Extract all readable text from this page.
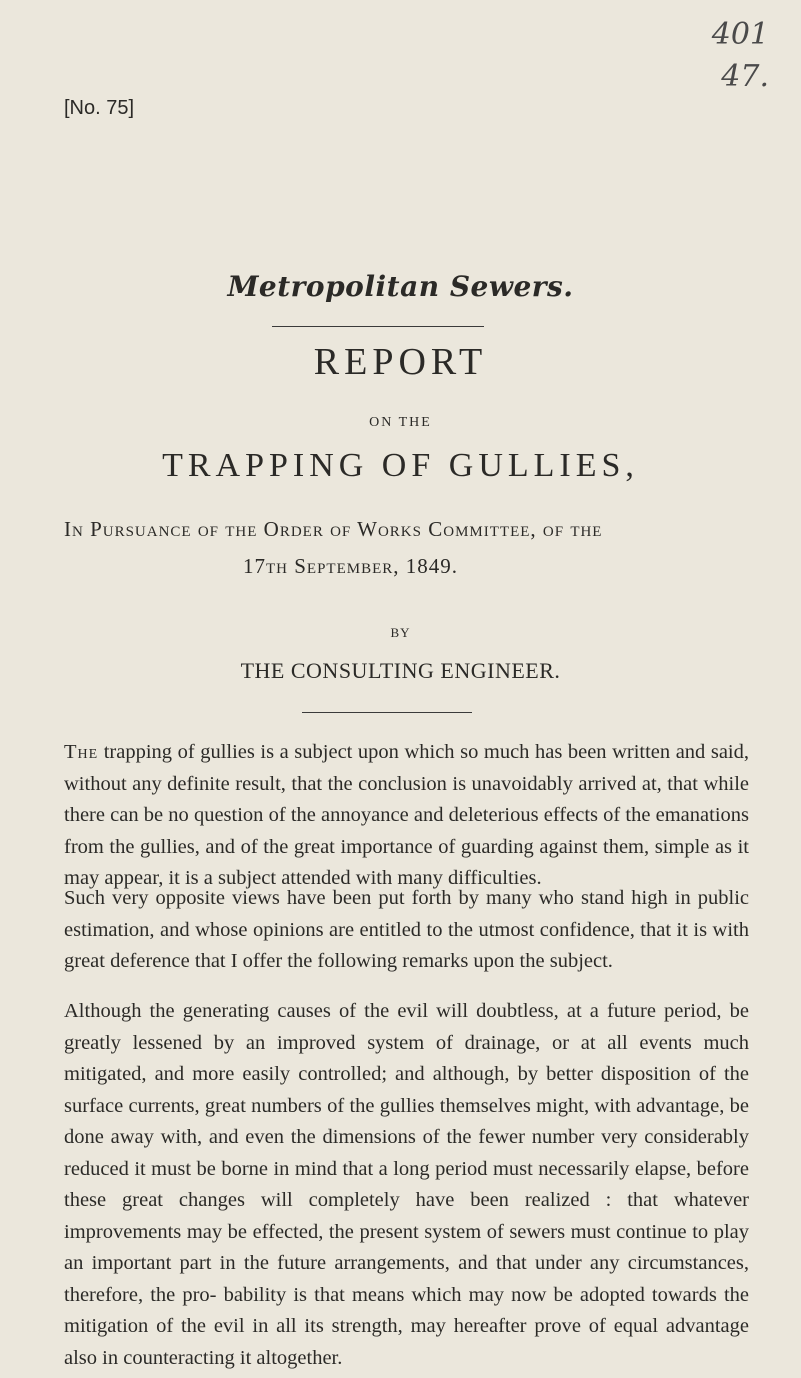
401
47.
[No. 75]
Metropolitan Sewers.
REPORT
ON THE
TRAPPING OF GULLIES,
In Pursuance of the Order of Works Committee, of the
17th September, 1849.
BY
THE CONSULTING ENGINEER.

The trapping of gullies is a subject upon which so much has been written and said, without any definite result, that the conclusion is unavoidably arrived at, that while there can be no question of the annoyance and deleterious effects of the emanations from the gullies, and of the great importance of guarding against them, simple as it may appear, it is a subject attended with many difficulties.

Such very opposite views have been put forth by many who stand high in public estimation, and whose opinions are entitled to the utmost confidence, that it is with great deference that I offer the following remarks upon the subject.

Although the generating causes of the evil will doubtless, at a future period, be greatly lessened by an improved system of drainage, or at all events much mitigated, and more easily controlled; and although, by better disposition of the surface currents, great numbers of the gullies themselves might, with advantage, be done away with, and even the dimensions of the fewer number very considerably reduced it must be borne in mind that a long period must necessarily elapse, before these great changes will completely have been realized : that whatever improvements may be effected, the present system of sewers must continue to play an important part in the future arrangements, and that under any circumstances, therefore, the pro- bability is that means which may now be adopted towards the mitigation of the evil in all its strength, may hereafter prove of equal advantage also in counteracting it altogether.
